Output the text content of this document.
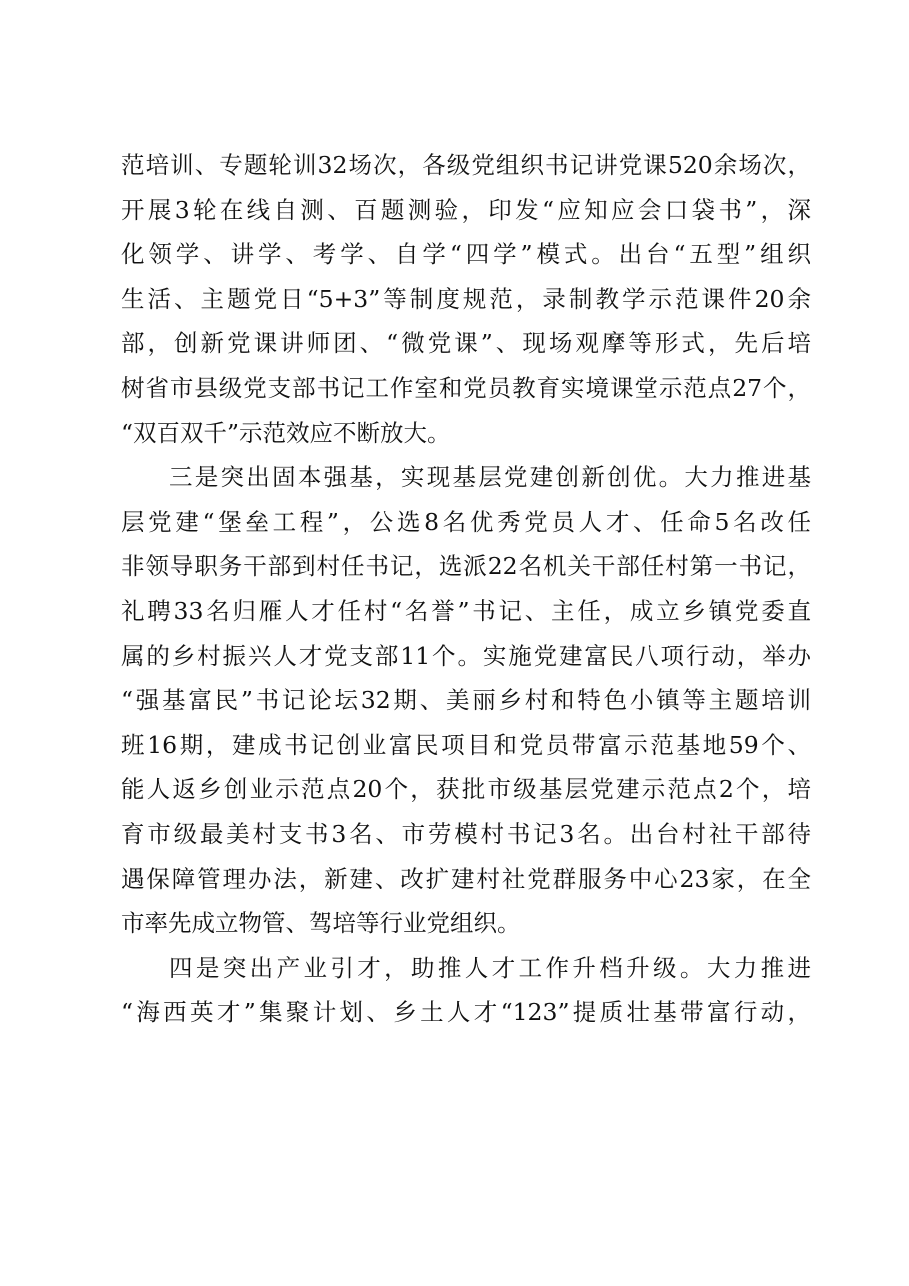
范培训、专题轮训32场次，各级党组织书记讲党课520余场次，
开展3轮在线自测、百题测验，印发“应知应会口袋书”，深
化领学、讲学、考学、自学“四学”模式。出台“五型”组织
生活、主题党日“5+3”等制度规范，录制教学示范课件20余
部，创新党课讲师团、“微党课”、现场观摩等形式，先后培
树省市县级党支部书记工作室和党员教育实境课堂示范点27个，
“双百双千”示范效应不断放大。
三是突出固本强基，实现基层党建创新创优。大力推进基
层党建“堡垒工程”，公选8名优秀党员人才、任命5名改任
非领导职务干部到村任书记，选派22名机关干部任村第一书记，
礼聘33名归雁人才任村“名誉”书记、主任，成立乡镇党委直
属的乡村振兴人才党支部11个。实施党建富民八项行动，举办
“强基富民”书记论坛32期、美丽乡村和特色小镇等主题培训
班16期，建成书记创业富民项目和党员带富示范基地59个、
能人返乡创业示范点20个，获批市级基层党建示范点2个，培
育市级最美村支书3名、市劳模村书记3名。出台村社干部待
遇保障管理办法，新建、改扩建村社党群服务中心23家，在全
市率先成立物管、驾培等行业党组织。
四是突出产业引才，助推人才工作升档升级。大力推进
“海西英才”集聚计划、乡土人才“123”提质壮基带富行动，
